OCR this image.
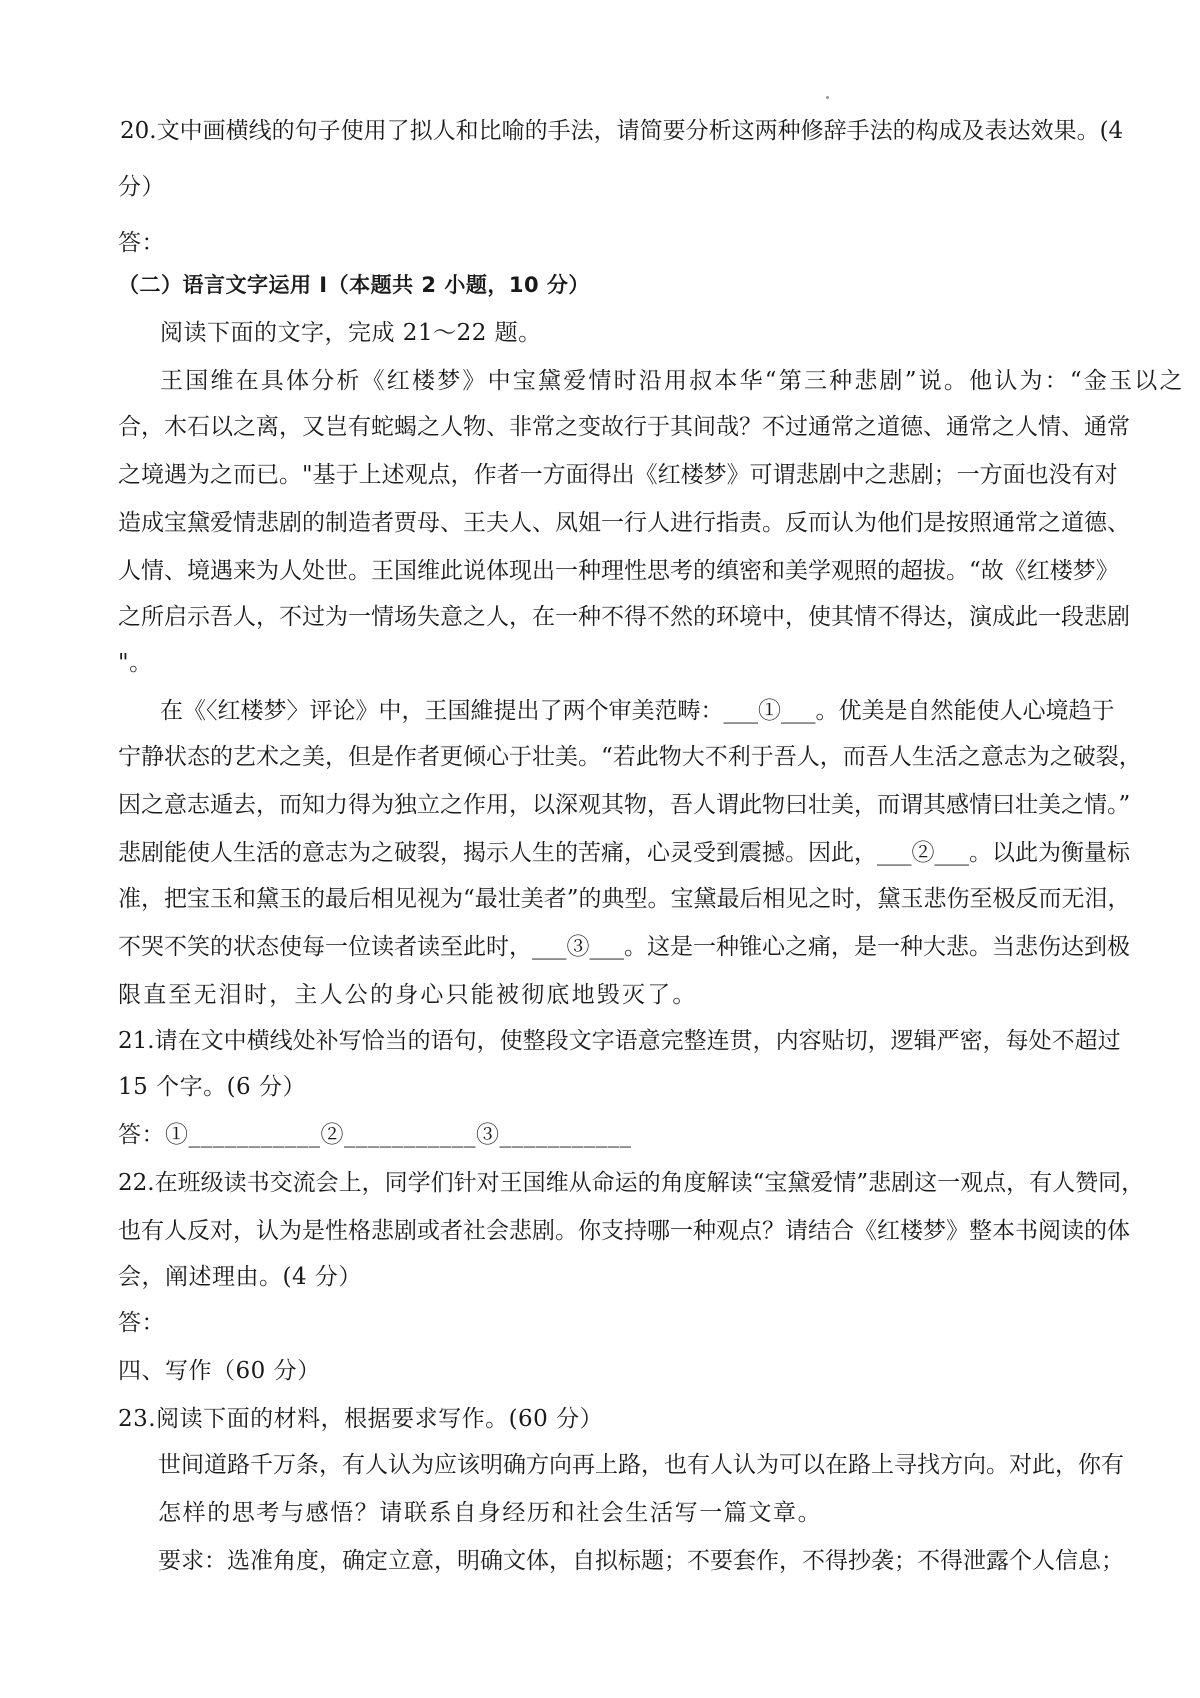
20.文中画横线的句子使用了拟人和比喻的手法，请简要分析这两种修辞手法的构成及表达效果。(4
分）
答：
（二）语言文字运用 I（本题共 2 小题，10 分）
阅读下面的文字，完成 21～22 题。
王国维在具体分析《红楼梦》中宝黛爱情时沿用叔本华“第三种悲剧”说。他认为：“金玉以之
合，木石以之离，又岂有蛇蝎之人物、非常之变故行于其间哉？不过通常之道德、通常之人情、通常
之境遇为之而已。"基于上述观点，作者一方面得出《红楼梦》可谓悲剧中之悲剧；一方面也没有对
造成宝黛爱情悲剧的制造者贾母、王夫人、凤姐一行人进行指责。反而认为他们是按照通常之道德、
人情、境遇来为人处世。王国维此说体现出一种理性思考的缜密和美学观照的超拔。“故《红楼梦》
之所启示吾人，不过为一情场失意之人，在一种不得不然的环境中，使其情不得达，演成此一段悲剧
"。
在《〈红楼梦〉评论》中，王国維提出了两个审美范畴：___①___。优美是自然能使人心境趋于
宁静状态的艺术之美，但是作者更倾心于壮美。“若此物大不利于吾人，而吾人生活之意志为之破裂，
因之意志遁去，而知力得为独立之作用，以深观其物，吾人谓此物曰壮美，而谓其感情曰壮美之情。”
悲剧能使人生活的意志为之破裂，揭示人生的苦痛，心灵受到震撼。因此，___②___。以此为衡量标
准，把宝玉和黛玉的最后相见视为“最壮美者”的典型。宝黛最后相见之时，黛玉悲伤至极反而无泪，
不哭不笑的状态使每一位读者读至此时，___③___。这是一种锥心之痛，是一种大悲。当悲伤达到极
限直至无泪时，主人公的身心只能被彻底地毁灭了。
21.请在文中横线处补写恰当的语句，使整段文字语意完整连贯，内容贴切，逻辑严密，每处不超过
15 个字。(6 分）
答：①___________②___________③___________
22.在班级读书交流会上，同学们针对王国维从命运的角度解读“宝黛爱情”悲剧这一观点，有人赞同，
也有人反对，认为是性格悲剧或者社会悲剧。你支持哪一种观点？请结合《红楼梦》整本书阅读的体
会，阐述理由。(4 分）
答：
四、写作（60 分）
23.阅读下面的材料，根据要求写作。(60 分）
世间道路千万条，有人认为应该明确方向再上路，也有人认为可以在路上寻找方向。对此，你有
怎样的思考与感悟？请联系自身经历和社会生活写一篇文章。
要求：选准角度，确定立意，明确文体，自拟标题；不要套作，不得抄袭；不得泄露个人信息；
